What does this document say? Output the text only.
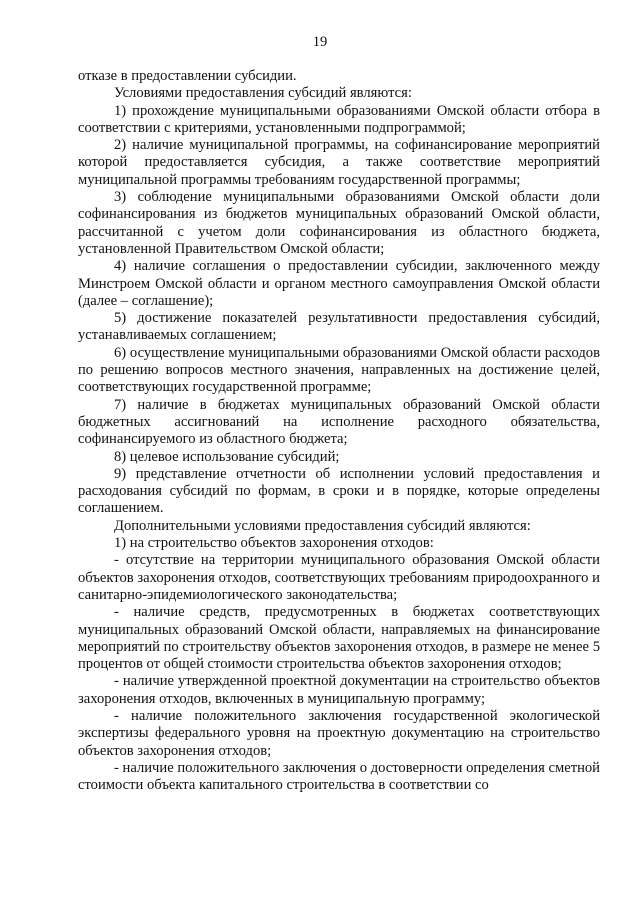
19

отказе в предоставлении субсидии.

Условиями предоставления субсидий являются:

1) прохождение муниципальными образованиями Омской области отбора в соответствии с критериями, установленными подпрограммой;

2) наличие муниципальной программы, на софинансирование мероприятий которой предоставляется субсидия, а также соответствие мероприятий муниципальной программы требованиям государственной программы;

3) соблюдение муниципальными образованиями Омской области доли софинансирования из бюджетов муниципальных образований Омской области, рассчитанной с учетом доли софинансирования из областного бюджета, установленной Правительством Омской области;

4) наличие соглашения о предоставлении субсидии, заключенного между Минстроем Омской области и органом местного самоуправления Омской области (далее – соглашение);

5) достижение показателей результативности предоставления субсидий, устанавливаемых соглашением;

6) осуществление муниципальными образованиями Омской области расходов по решению вопросов местного значения, направленных на достижение целей, соответствующих государственной программе;

7) наличие в бюджетах муниципальных образований Омской области бюджетных ассигнований на исполнение расходного обязательства, софинансируемого из областного бюджета;

8) целевое использование субсидий;

9) представление отчетности об исполнении условий предоставления и расходования субсидий по формам, в сроки и в порядке, которые определены соглашением.

Дополнительными условиями предоставления субсидий являются:

1) на строительство объектов захоронения отходов:

- отсутствие на территории муниципального образования Омской области объектов захоронения отходов, соответствующих требованиям природоохранного и санитарно-эпидемиологического законодательства;

- наличие средств, предусмотренных в бюджетах соответствующих муниципальных образований Омской области, направляемых на финансирование мероприятий по строительству объектов захоронения отходов, в размере не менее 5 процентов от общей стоимости строительства объектов захоронения отходов;

- наличие утвержденной проектной документации на строительство объектов захоронения отходов, включенных в муниципальную программу;

- наличие положительного заключения государственной экологической экспертизы федерального уровня на проектную документацию на строительство объектов захоронения отходов;

- наличие положительного заключения о достоверности определения сметной стоимости объекта капитального строительства в соответствии со
